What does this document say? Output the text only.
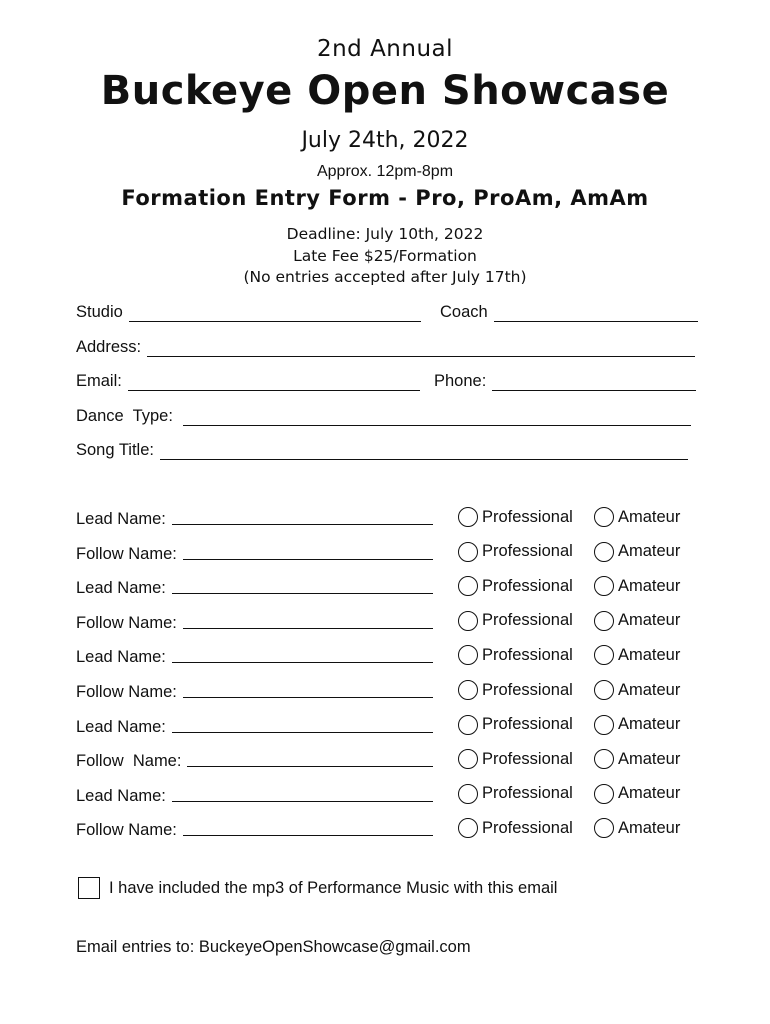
2nd Annual
Buckeye Open Showcase
July 24th, 2022
Approx. 12pm-8pm
Formation Entry Form - Pro, ProAm, AmAm
Deadline: July 10th, 2022
Late Fee $25/Formation
(No entries accepted after July 17th)
Studio	Coach
Address:
Email:	Phone:
Dance  Type:
Song Title:
Lead Name:	Professional	Amateur
Follow Name:	Professional	Amateur
Lead Name:	Professional	Amateur
Follow Name:	Professional	Amateur
Lead Name:	Professional	Amateur
Follow Name:	Professional	Amateur
Lead Name:	Professional	Amateur
Follow  Name:	Professional	Amateur
Lead Name:	Professional	Amateur
Follow Name:	Professional	Amateur
I have included the mp3 of Performance Music with this email
Email entries to: BuckeyeOpenShowcase@gmail.com
